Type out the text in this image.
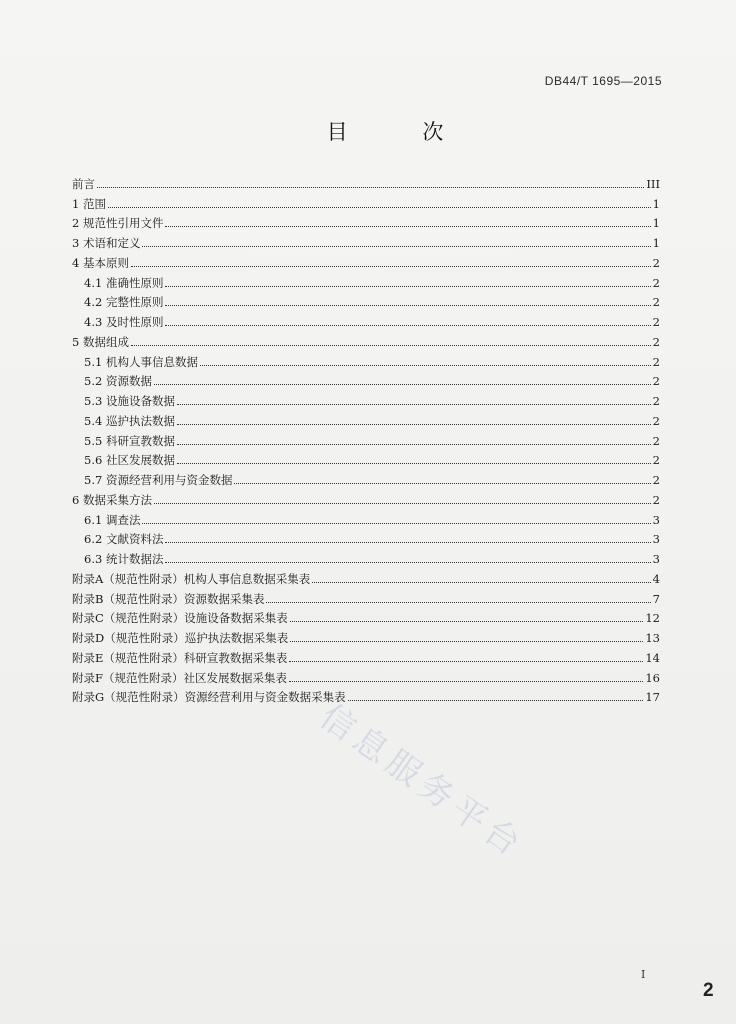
DB44/T 1695—2015
目 次
前言	III
1 范围	1
2 规范性引用文件	1
3 术语和定义	1
4 基本原则	2
4.1 准确性原则	2
4.2 完整性原则	2
4.3 及时性原则	2
5 数据组成	2
5.1 机构人事信息数据	2
5.2 资源数据	2
5.3 设施设备数据	2
5.4 巡护执法数据	2
5.5 科研宣教数据	2
5.6 社区发展数据	2
5.7 资源经营利用与资金数据	2
6 数据采集方法	2
6.1 调查法	3
6.2 文献资料法	3
6.3 统计数据法	3
附录A（规范性附录）机构人事信息数据采集表	4
附录B（规范性附录）资源数据采集表	7
附录C（规范性附录）设施设备数据采集表	12
附录D（规范性附录）巡护执法数据采集表	13
附录E（规范性附录）科研宣教数据采集表	14
附录F（规范性附录）社区发展数据采集表	16
附录G（规范性附录）资源经营利用与资金数据采集表	17
信息服务平台
I
2
